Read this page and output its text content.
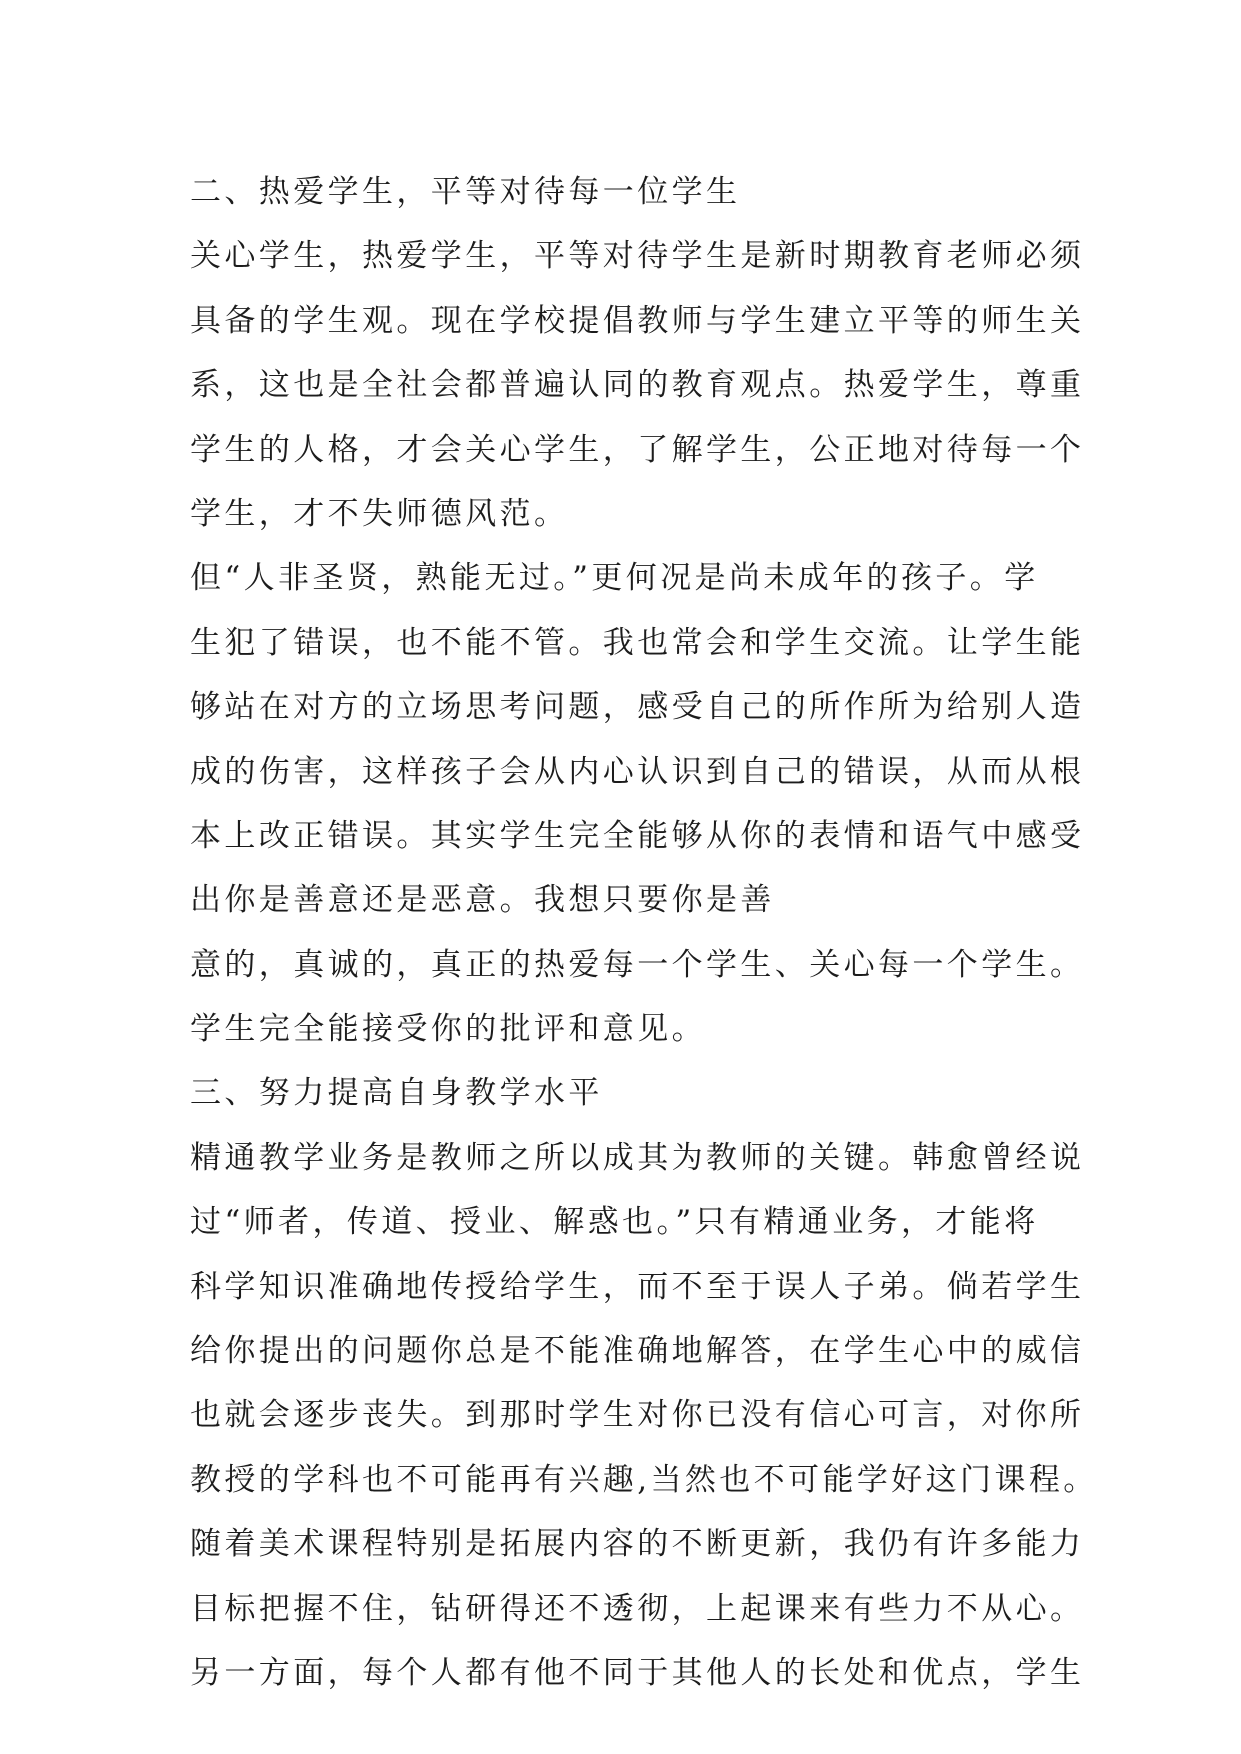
二、热爱学生，平等对待每一位学生
关心学生，热爱学生，平等对待学生是新时期教育老师必须
具备的学生观。现在学校提倡教师与学生建立平等的师生关
系，这也是全社会都普遍认同的教育观点。热爱学生，尊重
学生的人格，才会关心学生，了解学生，公正地对待每一个
学生，才不失师德风范。
但“人非圣贤，熟能无过。”更何况是尚未成年的孩子。学
生犯了错误，也不能不管。我也常会和学生交流。让学生能
够站在对方的立场思考问题，感受自己的所作所为给别人造
成的伤害，这样孩子会从内心认识到自己的错误，从而从根
本上改正错误。其实学生完全能够从你的表情和语气中感受
出你是善意还是恶意。我想只要你是善
意的，真诚的，真正的热爱每一个学生、关心每一个学生。
学生完全能接受你的批评和意见。
三、努力提高自身教学水平
精通教学业务是教师之所以成其为教师的关键。韩愈曾经说
过“师者，传道、授业、解惑也。”只有精通业务，才能将
科学知识准确地传授给学生，而不至于误人子弟。倘若学生
给你提出的问题你总是不能准确地解答，在学生心中的威信
也就会逐步丧失。到那时学生对你已没有信心可言，对你所
教授的学科也不可能再有兴趣,当然也不可能学好这门课程。
随着美术课程特别是拓展内容的不断更新，我仍有许多能力
目标把握不住，钻研得还不透彻，上起课来有些力不从心。
另一方面，每个人都有他不同于其他人的长处和优点，学生
